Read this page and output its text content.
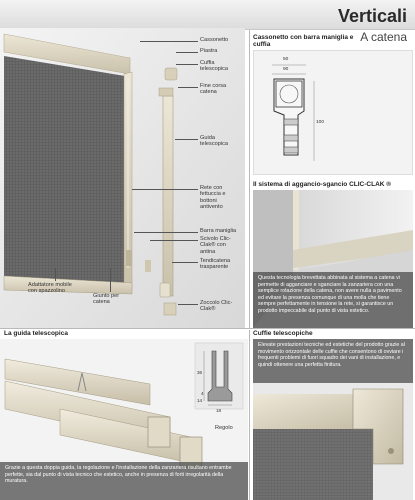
Verticali
A catena
Cassonetto
Piastra
Cuffia telescopica
Fine corsa catena
Guida telescopica
Rete con fettuccia e bottoni antivento
Barra maniglia
Scivolo Clic-Clak® con antina
Tendicatena trasparente
Zoccolo Clic-Clak®
Adattatore mobile con spazzolino
Giunto per catena
Cassonetto con barra maniglia e cuffia
50
90
100
Il sistema di aggancio-sgancio CLIC-CLAK ®
Questa tecnologia brevettata abbinata al sistema a catena vi permette di agganciare e sganciare la zanzariera con una semplice rotazione della catena, non avere nulla a pavimento ed evitare la presenza comunque di una molla che tiene sempre perfettamente in tensione la rete, si garantisce un prodotto impeccabile dal punto di vista estetico.
La guida telescopica
36
4
14
18
Regolo
Grazie a questa doppia guida, la regolazione e l'installazione della zanzariera risultano entrambe perfette, sia dal punto di vista tecnico che estetico, anche in presenza di forti irregolarità della muratura.
Cuffie telescopiche
Elevate prestazioni tecniche ed estetiche del prodotto grazie al movimento orizzontale delle cuffie che consentono di ovviare i frequenti problemi di fuori squadro dei vani di installazione, e quindi ottenere una perfetta finitura.
